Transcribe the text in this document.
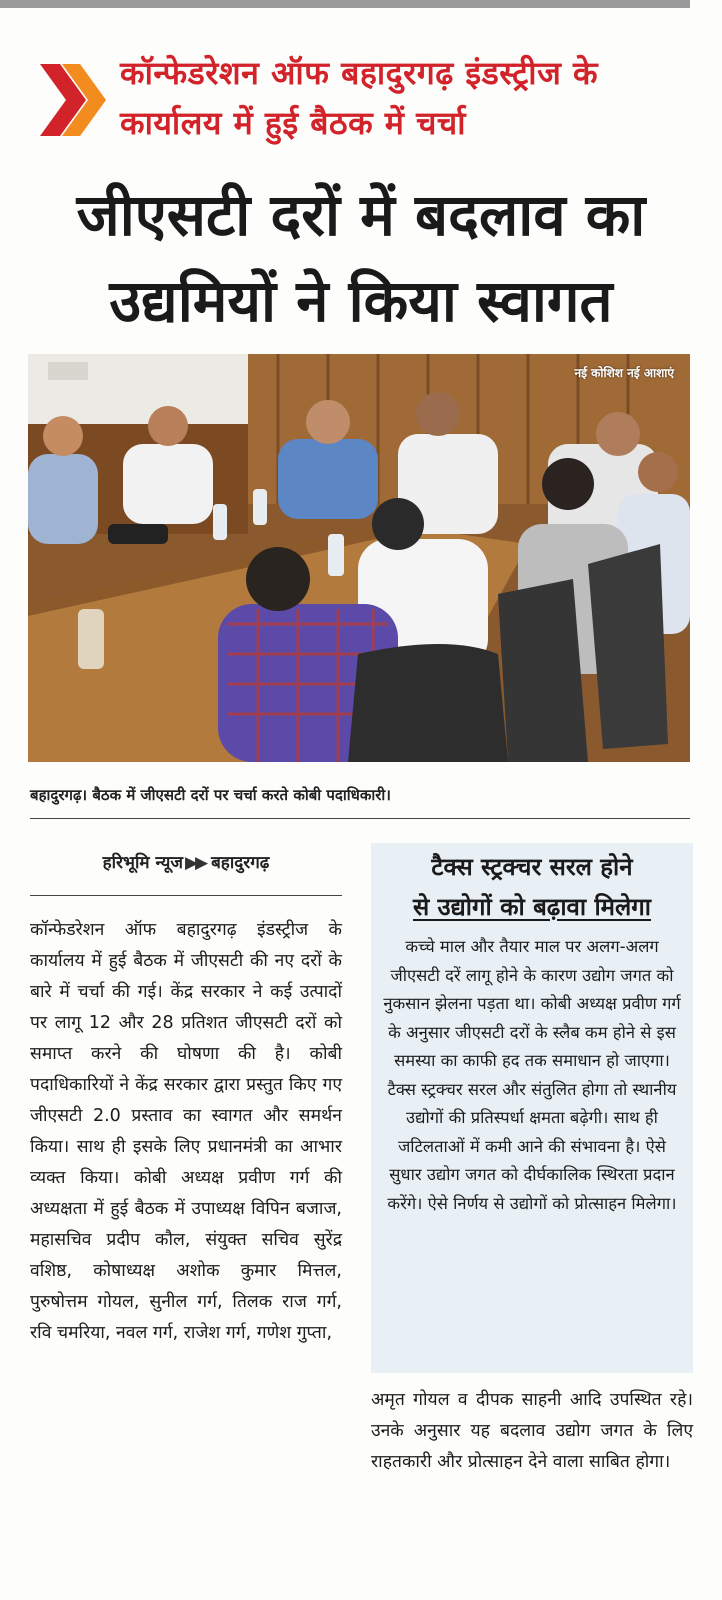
कॉन्फेडरेशन ऑफ बहादुरगढ़ इंडस्ट्रीज के कार्यालय में हुई बैठक में चर्चा
जीएसटी दरों में बदलाव का उद्यमियों ने किया स्वागत
नई कोशिश नई आशाएं
बहादुरगढ़। बैठक में जीएसटी दरों पर चर्चा करते कोबी पदाधिकारी।
हरिभूमि न्यूज ▶▶ बहादुरगढ़
कॉन्फेडरेशन ऑफ बहादुरगढ़ इंडस्ट्रीज के कार्यालय में हुई बैठक में जीएसटी की नए दरों के बारे में चर्चा की गई। केंद्र सरकार ने कई उत्पादों पर लागू 12 और 28 प्रतिशत जीएसटी दरों को समाप्त करने की घोषणा की है। कोबी पदाधिकारियों ने केंद्र सरकार द्वारा प्रस्तुत किए गए जीएसटी 2.0 प्रस्ताव का स्वागत और समर्थन किया। साथ ही इसके लिए प्रधानमंत्री का आभार व्यक्त किया। कोबी अध्यक्ष प्रवीण गर्ग की अध्यक्षता में हुई बैठक में उपाध्यक्ष विपिन बजाज, महासचिव प्रदीप कौल, संयुक्त सचिव सुरेंद्र वशिष्ठ, कोषाध्यक्ष अशोक कुमार मित्तल, पुरुषोत्तम गोयल, सुनील गर्ग, तिलक राज गर्ग, रवि चमरिया, नवल गर्ग, राजेश गर्ग, गणेश गुप्ता,
टैक्स स्ट्रक्चर सरल होने
से उद्योगों को बढ़ावा मिलेगा
कच्चे माल और तैयार माल पर अलग-अलग जीएसटी दरें लागू होने के कारण उद्योग जगत को नुकसान झेलना पड़ता था। कोबी अध्यक्ष प्रवीण गर्ग के अनुसार जीएसटी दरों के स्लैब कम होने से इस समस्या का काफी हद तक समाधान हो जाएगा। टैक्स स्ट्रक्चर सरल और संतुलित होगा तो स्थानीय उद्योगों की प्रतिस्पर्धा क्षमता बढ़ेगी। साथ ही जटिलताओं में कमी आने की संभावना है। ऐसे सुधार उद्योग जगत को दीर्घकालिक स्थिरता प्रदान करेंगे। ऐसे निर्णय से उद्योगों को प्रोत्साहन मिलेगा।
अमृत गोयल व दीपक साहनी आदि उपस्थित रहे। उनके अनुसार यह बदलाव उद्योग जगत के लिए राहतकारी और प्रोत्साहन देने वाला साबित होगा।
